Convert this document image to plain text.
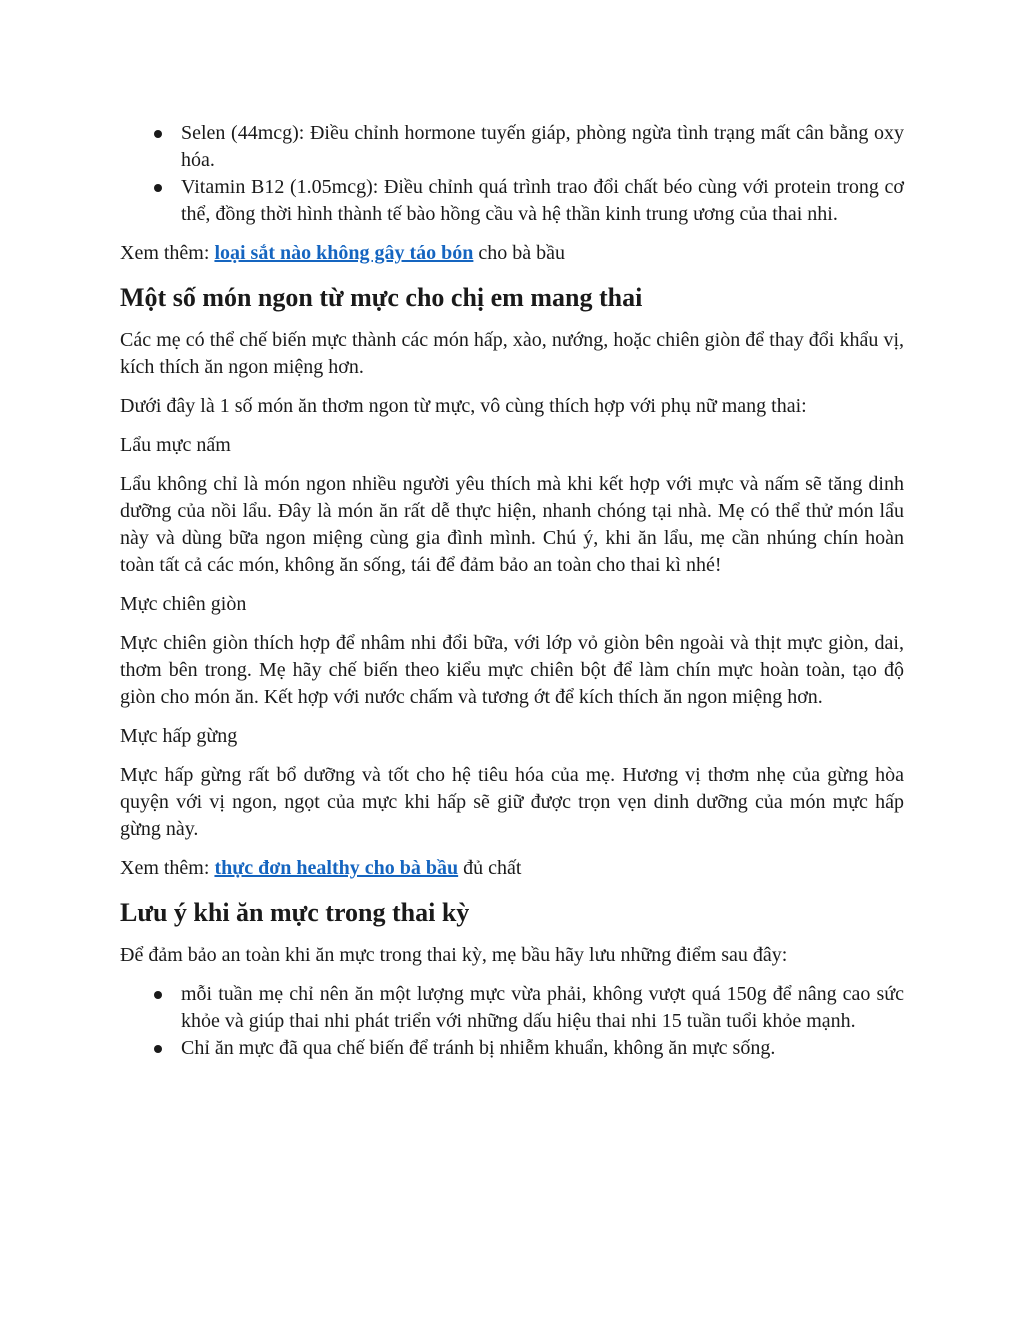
Selen (44mcg): Điều chỉnh hormone tuyến giáp, phòng ngừa tình trạng mất cân bằng oxy hóa.
Vitamin B12 (1.05mcg): Điều chỉnh quá trình trao đổi chất béo cùng với protein trong cơ thể, đồng thời hình thành tế bào hồng cầu và hệ thần kinh trung ương của thai nhi.

Xem thêm: loại sắt nào không gây táo bón cho bà bầu

Một số món ngon từ mực cho chị em mang thai

Các mẹ có thể chế biến mực thành các món hấp, xào, nướng, hoặc chiên giòn để thay đổi khẩu vị, kích thích ăn ngon miệng hơn.

Dưới đây là 1 số món ăn thơm ngon từ mực, vô cùng thích hợp với phụ nữ mang thai:

Lẩu mực nấm

Lẩu không chỉ là món ngon nhiều người yêu thích mà khi kết hợp với mực và nấm sẽ tăng dinh dưỡng của nồi lẩu. Đây là món ăn rất dễ thực hiện, nhanh chóng tại nhà. Mẹ có thể thử món lẩu này và dùng bữa ngon miệng cùng gia đình mình. Chú ý, khi ăn lẩu, mẹ cần nhúng chín hoàn toàn tất cả các món, không ăn sống, tái để đảm bảo an toàn cho thai kì nhé!

Mực chiên giòn

Mực chiên giòn thích hợp để nhâm nhi đổi bữa, với lớp vỏ giòn bên ngoài và thịt mực giòn, dai, thơm bên trong. Mẹ hãy chế biến theo kiểu mực chiên bột để làm chín mực hoàn toàn, tạo độ giòn cho món ăn. Kết hợp với nước chấm và tương ớt để kích thích ăn ngon miệng hơn.

Mực hấp gừng

Mực hấp gừng rất bổ dưỡng và tốt cho hệ tiêu hóa của mẹ. Hương vị thơm nhẹ của gừng hòa quyện với vị ngon, ngọt của mực khi hấp sẽ giữ được trọn vẹn dinh dưỡng của món mực hấp gừng này.

Xem thêm: thực đơn healthy cho bà bầu đủ chất

Lưu ý khi ăn mực trong thai kỳ

Để đảm bảo an toàn khi ăn mực trong thai kỳ, mẹ bầu hãy lưu những điểm sau đây:

mỗi tuần mẹ chỉ nên ăn một lượng mực vừa phải, không vượt quá 150g để nâng cao sức khỏe và giúp thai nhi phát triển với những dấu hiệu thai nhi 15 tuần tuổi khỏe mạnh.
Chỉ ăn mực đã qua chế biến để tránh bị nhiễm khuẩn, không ăn mực sống.
